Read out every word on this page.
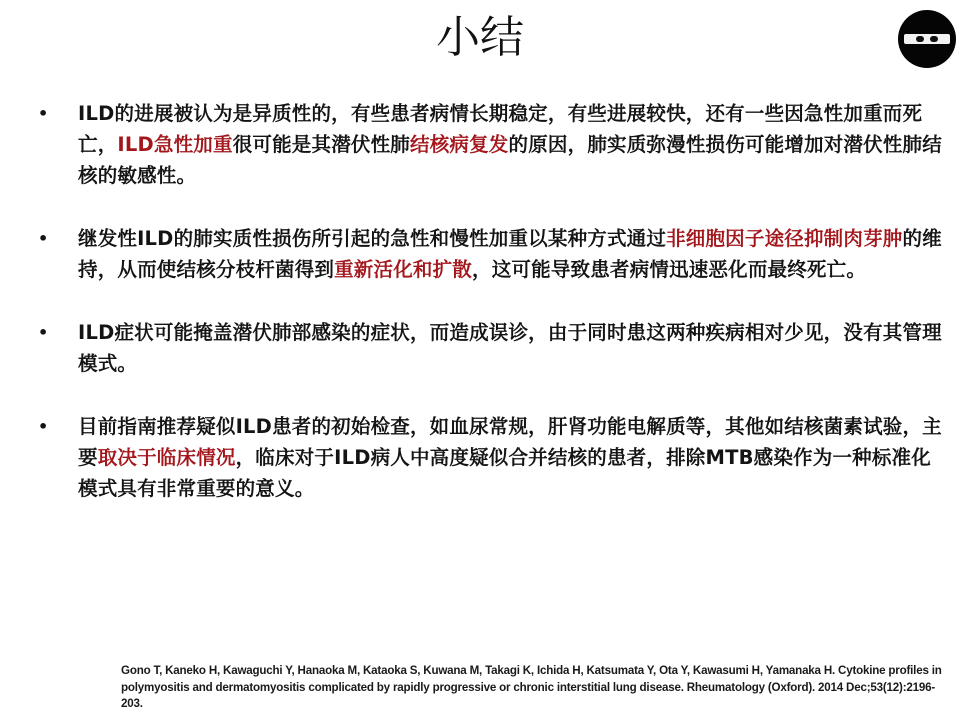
小结
• ILD的进展被认为是异质性的，有些患者病情长期稳定，有些进展较快，还有一些因急性加重而死亡，ILD急性加重很可能是其潜伏性肺结核病复发的原因，肺实质弥漫性损伤可能增加对潜伏性肺结核的敏感性。
• 继发性ILD的肺实质性损伤所引起的急性和慢性加重以某种方式通过非细胞因子途径抑制肉芽肿的维持，从而使结核分枝杆菌得到重新活化和扩散，这可能导致患者病情迅速恶化而最终死亡。
• ILD症状可能掩盖潜伏肺部感染的症状，而造成误诊，由于同时患这两种疾病相对少见，没有其管理模式。
• 目前指南推荐疑似ILD患者的初始检查，如血尿常规，肝肾功能电解质等，其他如结核菌素试验，主要取决于临床情况，临床对于ILD病人中高度疑似合并结核的患者，排除MTB感染作为一种标准化模式具有非常重要的意义。
Gono T, Kaneko H, Kawaguchi Y, Hanaoka M, Kataoka S, Kuwana M, Takagi K, Ichida H, Katsumata Y, Ota Y, Kawasumi H, Yamanaka H. Cytokine profiles in polymyositis and dermatomyositis complicated by rapidly progressive or chronic interstitial lung disease. Rheumatology (Oxford). 2014 Dec;53(12):2196-203.
